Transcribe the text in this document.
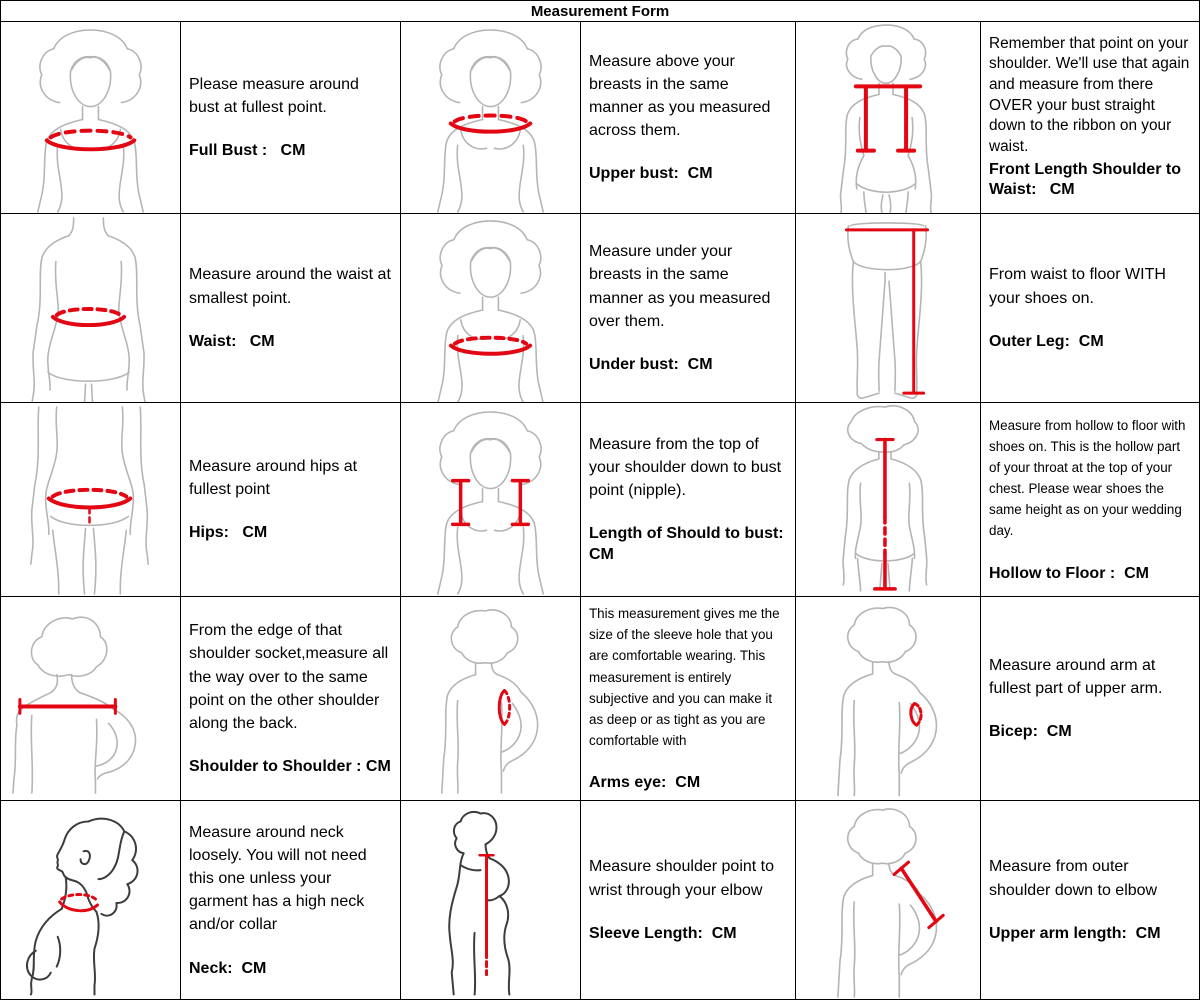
Measurement Form

Please measure around bust at fullest point.

Full Bust :   CM

Measure above your breasts in the same manner as you measured across them.

Upper bust:  CM

Remember that point on your shoulder. We'll use that again and measure from there OVER your bust straight down to the ribbon on your waist.

Front Length Shoulder to Waist:   CM

Measure around the waist at smallest point.

Waist:   CM

Measure under your breasts in the same manner as you measured over them.

Under bust:  CM

From waist to floor WITH your shoes on.

Outer Leg:  CM

Measure around hips at fullest point

Hips:   CM

Measure from the top of your shoulder down to bust point (nipple).

Length of Should to bust:  CM

Measure from hollow to floor with shoes on. This is the hollow part of your throat at the top of your chest. Please wear shoes the same height as on your wedding day.

Hollow to Floor :  CM

From the edge of that shoulder socket,measure all the way over to the same point on the other shoulder along the back.

Shoulder to Shoulder : CM

This measurement gives me the size of the sleeve hole that you are comfortable wearing. This measurement is entirely subjective and you can make it as deep or as tight as you are comfortable with

Arms eye:  CM

Measure around arm at fullest part of upper arm.

Bicep:  CM

Measure around neck loosely. You will not need this one unless your garment has a high neck and/or collar

Neck:  CM

Measure shoulder point to wrist through your elbow

Sleeve Length:  CM

Measure from outer shoulder down to elbow

Upper arm length:  CM
